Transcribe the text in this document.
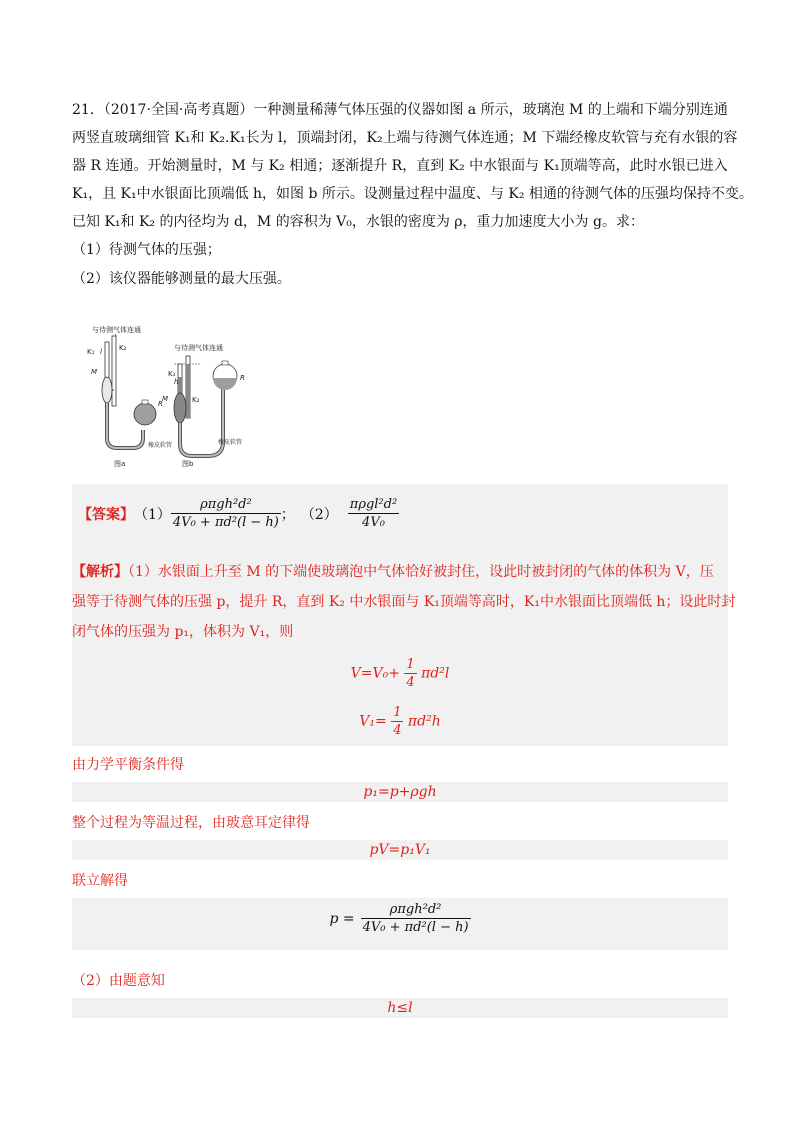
21．（2017·全国·高考真题）一种测量稀薄气体压强的仪器如图 a 所示，玻璃泡 M 的上端和下端分别连通
两竖直玻璃细管 K₁和 K₂.K₁长为 l，顶端封闭，K₂上端与待测气体连通；M 下端经橡皮软管与充有水银的容
器 R 连通。开始测量时，M 与 K₂ 相通；逐渐提升 R，直到 K₂ 中水银面与 K₁顶端等高，此时水银已进入
K₁，且 K₁中水银面比顶端低 h，如图 b 所示。设测量过程中温度、与 K₂ 相通的待测气体的压强均保持不变。
已知 K₁和 K₂ 的内径均为 d，M 的容积为 V₀，水银的密度为 ρ，重力加速度大小为 g。求：
（1）待测气体的压强；
（2）该仪器能够测量的最大压强。
与待测气体连通
K₁	K₂
l
M
R
橡皮软管
图a
与待测气体连通
K₁
h
K₂
M
R
橡皮软管
图b
【答案】 $(1) \frac{\text{ρπgh²d²}}{\text{4V₀ + πd²(l − h)}}$ ； $(2) \frac{\text{πρgl²d²}}{\text{4V₀}}$
【解析】（1）水银面上升至 M 的下端使玻璃泡中气体恰好被封住，设此时被封闭的气体的体积为 V，压
强等于待测气体的压强 p，提升 R，直到 K₂ 中水银面与 K₁顶端等高时，K₁中水银面比顶端低 h；设此时封
闭气体的压强为 p₁，体积为 V₁，则
$V=V_0+ \frac{1}{4} \pi d^2l$
$V_1= \frac{1}{4} \pi d^2h$
由力学平衡条件得
p₁=p+ρgh
整个过程为等温过程，由玻意耳定律得
pV=p₁V₁
联立解得
$p = \frac{\text{ρπgh²d²}}{\text{4V₀ + πd²(l − h)}}$
（2）由题意知
h≤l
